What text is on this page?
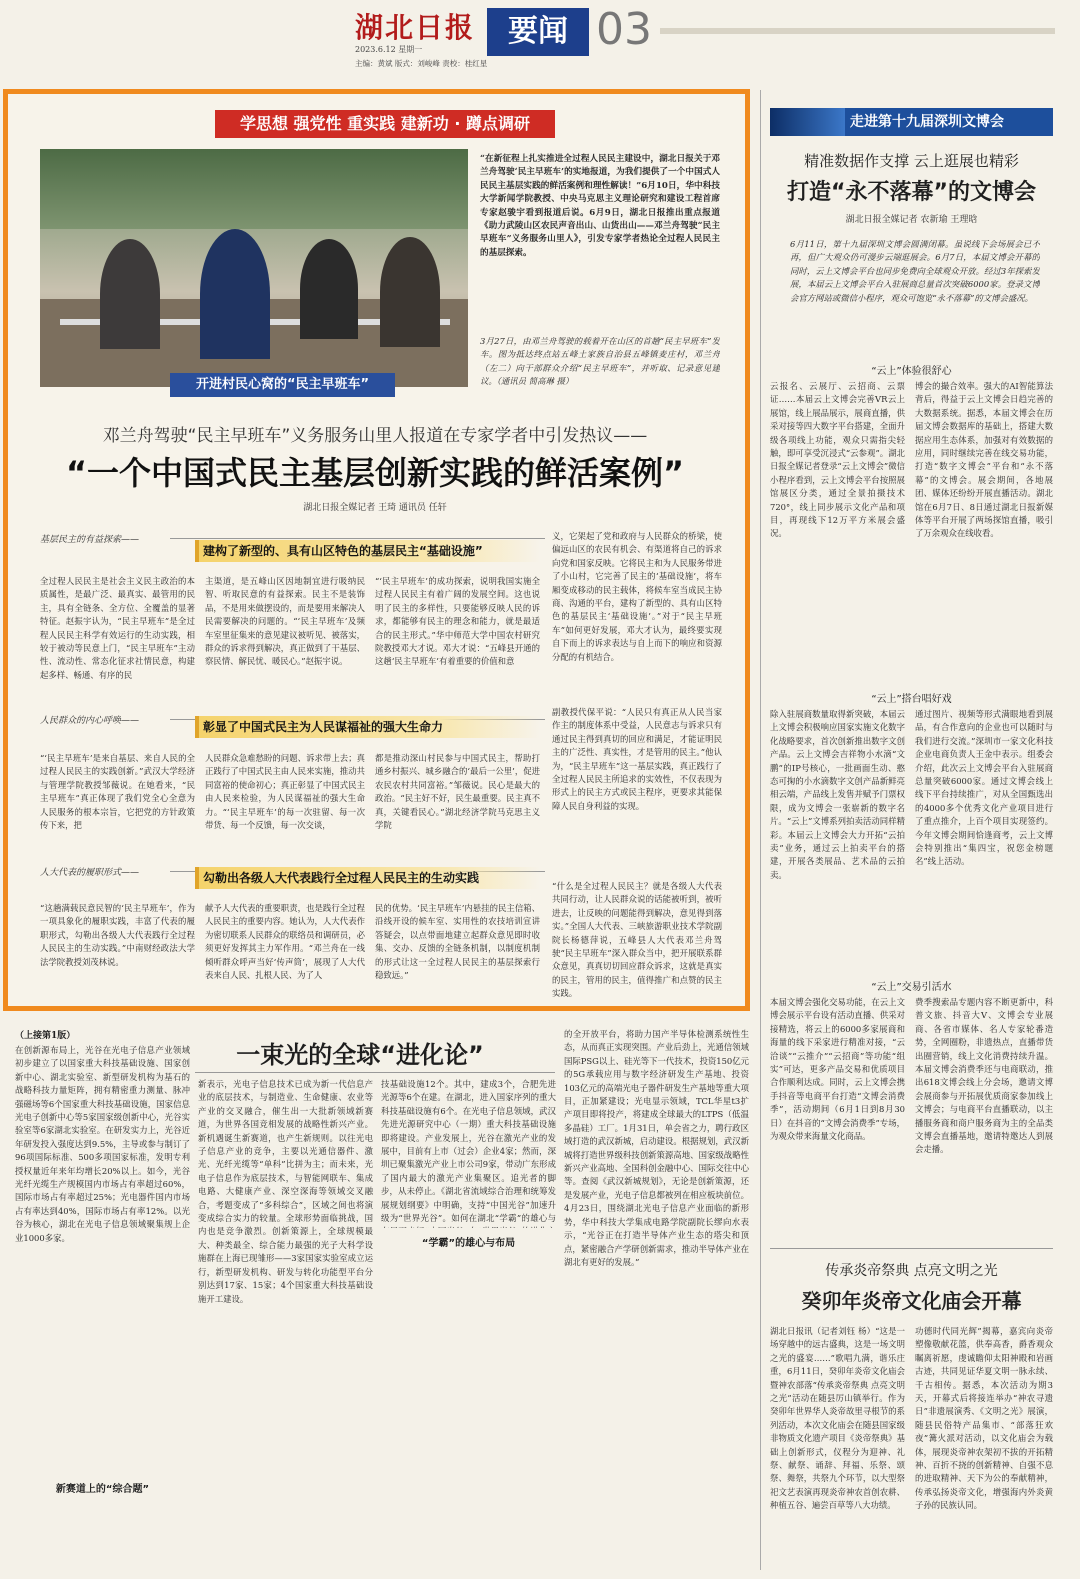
湖北日报
2023.6.12 星期一
主编：黄斌 版式：刘峻峰 责校：桂红星
要闻 03
学思想 强党性 重实践 建新功 · 蹲点调研
开进村民心窝的“民主早班车”
“在新征程上扎实推进全过程人民民主建设中，湖北日报关于邓兰舟驾驶‘民主早班车’的实地报道，为我们提供了一个中国式人民民主基层实践的鲜活案例和理性解读！”6月10日，华中科技大学新闻学院教授、中央马克思主义理论研究和建设工程首席专家赵骏宇看到报道后说。6月9日，湖北日报推出重点报道《助力武陵山区农民声音出山、山货出山——邓兰舟驾驶“民主早班车”义务服务山里人》，引发专家学者热论全过程人民民主的基层探索。
3月27日，由邓兰舟驾驶的载着开在山区的首趟“民主早班车”发车。图为抵达终点站五峰土家族自治县五峰镇麦庄村，邓兰舟（左二）向干部群众介绍“民主早班车”，并听取、记录意见建议。（通讯员 简高琳 摄）
邓兰舟驾驶“民主早班车”义务服务山里人报道在专家学者中引发热议——
“一个中国式民主基层创新实践的鲜活案例”
湖北日报全媒记者 王琦 通讯员 任轩
基层民主的有益探索——
建构了新型的、具有山区特色的基层民主“基础设施”
全过程人民民主是社会主义民主政治的本质属性，是最广泛、最真实、最管用的民主，具有全链条、全方位、全覆盖的显著特征。赵振宇认为，“民主早班车”是全过程人民民主科学有效运行的生动实践，相较于被动等民意上门，“民主早班车”主动性、流动性、常态化征求社情民意，构建起多样、畅通、有序的民
主渠道，是五峰山区因地制宜进行吸纳民智、听取民意的有益探索。民主不是装饰品，不是用来做摆设的，而是要用来解决人民需要解决的问题的。“‘民主早班车’及频车室里征集来的意见建议被听见、被落实，群众的诉求得到解决，真正做到了干基层、察民情、解民忧、暖民心。”赵振宇说。
“‘民主早班车’的成功探索，说明我国实施全过程人民民主有着广阔的发展空间。这也说明了民主的多样性，只要能够反映人民的诉求，都能够有民主的理念和能力，就是最适合的民主形式。”华中师范大学中国农村研究院教授邓大才说。邓大才说：“五峰县开通的这趟‘民主早班车’有着重要的价值和意
义，它架起了党和政府与人民群众的桥梁，使偏远山区的农民有机会、有渠道将自己的诉求向党和国家反映。它将民主和为人民服务带进了小山村，它完善了民主的‘基础设施’，将车厢变成移动的民主载体，将候车室当成民主协商、沟通的平台，建构了新型的、具有山区特色的基层民主‘基础设施’。”对于“民主早班车”如何更好发展，邓大才认为，最终要实现自下而上的诉求表达与自上而下的响应和资源分配的有机结合。
人民群众的内心呼唤——	彰显了中国式民主为人民谋福祉的强大生命力
“‘民主早班车’是来自基层、来自人民的全过程人民民主的实践创新。”武汉大学经济与管理学院教授邹薇说。在她看来，“民主早班车”真正体现了我们党全心全意为人民服务的根本宗旨，它把党的方针政策传下来，把
人民群众急难愁盼的问题、诉求带上去；真正践行了中国式民主由人民来实施，推动共同富裕的使命初心；真正彰显了中国式民主由人民来检验，为人民谋福祉的强大生命力。“‘民主早班车’的每一次驻留、每一次带货、每一个反馈，每一次交谈，
都是推动深山村民参与中国式民主，帮助打通乡村振兴、城乡融合的‘最后一公里’，促进农民农村共同富裕。”邹薇说。民心是最大的政治。“民主好不好，民生最重要。民主真不真，关键看民心。”湖北经济学院马克思主义学院
副教授代保平说：“人民只有真正从人民当家作主的制度体系中受益，人民意志与诉求只有通过民主得到真切的回应和满足，才能证明民主的广泛性、真实性，才是管用的民主。”他认为，“民主早班车”这一基层实践，真正践行了全过程人民民主所追求的实效性，不仅表现为形式上的民主方式或民主程序，更要求其能保障人民自身利益的实现。
人大代表的履职形式——	勾勒出各级人大代表践行全过程人民民主的生动实践
“这趟满载民意民智的‘民主早班车’，作为一项具象化的履职实践，丰富了代表的履职形式，勾勒出各级人大代表践行全过程人民民主的生动实践。”中南财经政法大学法学院教授刘茂林说。
献予人大代表的重要职责，也是践行全过程人民民主的重要内容。她认为，人大代表作为密切联系人民群众的联络员和调研员，必须更好发挥其主力军作用。“邓兰舟在一线倾听群众呼声当好‘传声筒’，展现了人大代表来自人民、扎根人民、为了人
民的优势。‘民主早班车’内悬挂的民主信箱、沿线开设的候车室、实用性的农技培训宣讲答疑会，以点带面地建立起群众意见即时收集、交办、反馈的全链条机制，以制度机制的形式让这一全过程人民民主的基层探索行稳致远。”
“什么是全过程人民民主？就是各级人大代表共同行动，让人民群众说的话能被听到，被听进去，让反映的问题能得到解决，意见得到落实。”全国人大代表、三峡旅游职业技术学院副院长杨德萍说，五峰县人大代表邓兰舟驾驶“民主早班车”深入群众当中，把开展联系群众意见，真真切切回应群众诉求，这就是真实的民主，管用的民主，值得推广和点赞的民主实践。
走进第十九届深圳文博会
精准数据作支撑 云上逛展也精彩
打造“永不落幕”的文博会
湖北日报全媒记者 农新瑜 王理晗
6月11日，第十九届深圳文博会圆满闭幕。虽说线下会场展会已不再，但广大观众仍可漫步云端逛展会。6月7日，本届文博会开幕的同时，云上文博会平台也同步免费向全球观众开放。经过3年探索发展，本届云上文博会平台入驻展商总量首次突破6000家。登录文博会官方网站或微信小程序，观众可饱览“永不落幕”的文博会盛况。
“云上”体验很舒心
云报名、云展厅、云招商、云票证……本届云上文博会完善VR云上展馆，线上展品展示，展商直播，供采对接等四大数字平台搭建，全面升级各项线上功能，观众只需指尖轻触，即可享受沉浸式“云参观”。湖北日报全媒记者登录“云上文博会”微信小程序看到，云上文博会平台按照展馆展区分类，通过全景拍摄技术720°，线上同步展示文化产品和项目，再现线下12万平方米展会盛况。
博会的撮合效率。强大的AI智能算法背后，得益于云上文博会日趋完善的大数据系统。据悉，本届文博会在历届文博会数据库的基础上，搭建大数据应用生态体系，加强对有效数据的应用，同时继续完善在线交易功能，打造“数字文博会”平台和“永不落幕”的文博会。展会期间，各地展团、媒体还纷纷开展直播活动。湖北馆在6月7日、8日通过湖北日报新媒体等平台开展了两场探馆直播，吸引了万余观众在线收看。
“云上”搭台唱好戏
除入驻展商数量取得新突破，本届云上文博会积极响应国家实施文化数字化战略要求，首次创新推出数字文创产品。云上文博会吉祥物小水滴“文鹏”的IP号核心，一批画面生动、憨态可掬的小水滴数字文创产品新鲜亮相云端，产品线上发售并赋予门票权限，成为文博会一张崭新的数字名片。“云上”文博系列拍卖活动同样精彩。本届云上文博会大力开拓“云拍卖”业务，通过云上拍卖平台的搭建，开展各类展品、艺术品的云拍卖。
通过图片、视频等形式满眼地看到展品，有合作意向的企业也可以随时与我们进行交流。”深圳市一家文化科技企业电商负责人王金中表示。组委会介绍，此次云上文博会平台入驻展商总量突破6000家。通过文博会线上线下平台持续推广，对从全国甄选出的4000多个优秀文化产业项目进行了重点推介，上百个项目实现签约。今年文博会期间恰逢商考，云上文博会特别推出“集四宝，祝您金榜题名”线上活动。
“云上”交易引活水
本届文博会强化交易功能，在云上文博会展示平台设有活动直播、供采对接精选，将云上的6000多家展商和海量的线下采家进行精准对接，“云洽谈”“云推介”“云招商”等功能“组实”可达，更多产品交易和优质项目合作顺利达成。同时，云上文博会携手抖音等电商平台打造“文博会消费季”，活动期间（6月1日到8月30日）在抖音的“文博会消费季”专场，为观众带来海量文化商品。
费季搜索品专题内容不断更新中，科普文旅、抖音大V、文博会专业展商、各省市媒体、名人专家轮番造势，全网圈粉，非遗热点，直播带货出圈营销，线上文化消费持续升温。本届文博会消费季还与电商联动，推出618文博会线上分会场，邀请文博会展商参与开拓展优质商家参加线上文博会；与电商平台直播联动，以主播服务商和商户服务商为主的全品类文博会直播基地，邀请特邀达人到展会走播。
传承炎帝祭典 点亮文明之光
癸卯年炎帝文化庙会开幕
湖北日报讯（记者刘钰 杨）“这是一场穿越中的远古盛典，这是一场文明之光的盛宴……”歌唱九满，谐乐庄重，6月11日，癸卯年炎帝文化庙会暨神农部落“传承炎帝祭典 点亮文明之光”活动在随县厉山镇举行。作为癸卯年世界华人炎帝故里寻根节的系列活动，本次文化庙会在随县国家级非物质文化遗产项目《炎帝祭典》基础上创新形式，仪程分为迎神、礼祭、献祭、诵辞、拜福、乐祭、颂祭、舞祭，共祭九个环节，以大型祭祀文艺表演再现炎帝神农首创农耕、种植五谷、遍尝百草等八大功绩。
功德时代同光辉”揭幕，嘉宾向炎帝塑像敬献花篮，供奉高香，爵香观众瞩离祈愿，虔诚瞻仰太阳神殿和岩画古迹，共同见证华夏文明一脉永续、千古相传。据悉，本次活动为期3天，开幕式后将接连举办“神农寻遗日”非遗展演秀、《文明之光》展演，随县民俗特产品集市、“部落狂欢夜”篝火派对活动，以文化庙会为载体，展现炎帝神农架初不拔的开拓精神、百折不挠的创新精神、自强不息的进取精神、天下为公的奉献精神，传承弘扬炎帝文化，增强海内外炎黄子孙的民族认同。
（上接第1版）
一束光的全球“进化论”
在创新源布局上，光谷在光电子信息产业领域初步建立了以国家重大科技基础设施、国家创新中心、湖北实验室、新型研发机构为基石的战略科技力量矩阵，拥有精密重力测量、脉冲强磁场等6个国家重大科技基础设施，国家信息光电子创新中心等5家国家级创新中心，光谷实验室等6家湖北实验室。在研发实力上，光谷近年研发投入强度达到9.5%，主导或参与制订了96项国际标准、500多项国家标准，发明专利授权量近年来年均增长20%以上。如今，光谷光纤光缆生产规模国内市场占有率超过60%，国际市场占有率超过25%；光电器件国内市场占有率达到40%，国际市场占有率12%。以光谷为核心，湖北在光电子信息领域聚集规上企业1000多家。
新赛道上的“综合题”
新表示，光电子信息技术已成为新一代信息产业的底层技术，与制造业、生命健康、农业等产业的交叉融合，催生出一大批新领域新赛道，为世界各国竞相发展的战略性新兴产业。新机遇诞生新赛道，也产生新规则。以往光电子信息产业的竞争，主要以光通信器件、激光、光纤光缆等“单科”比拼为主；而未来，光电子信息作为底层技术，与智能网联车、集成电路、大健康产业、深空深海等领域交叉融合，考题变成了“多科综合”，区域之间也将演变成综合实力的较量。全球形势面临挑战，国内也是竞争激烈。创新策源上，全球规模最大、种类最全、综合能力最强的光子大科学设施群在上海已现雏形——3家国家实验室成立运行，新型研发机构、研发与转化功能型平台分别达到17家、15家；4个国家重大科技基础设施开工建设。
技基础设施12个。其中，建成3个，合肥先进光源等6个在建。在湖北，进入国家序列的重大科技基础设施有6个。在光电子信息领域，武汉先进光源研究中心（一期）重大科技基础设施即将建设。产业发展上，光谷在激光产业的发展中，目前有上市（过会）企业4家；然而，深圳已聚集激光产业上市公司9家，带动广东形成了国内最大的激光产业集聚区。追光者的脚步，从未停止。《湖北省流域综合治理和统筹发展规划纲要》中明确，支持“中国光谷”加速升级为“世界光谷”。如何在湖北“学霸”的雄心与
“学霸”的雄心与布局
的全开放平台，将助力国产半导体检测系统性生态，从而真正实现突围。产业后劲上，光通信领域国际PSG以上、硅光等下一代技术，投资150亿元的5G承载应用与数字经济研发生产基地、投资103亿元的高端光电子器件研发生产基地等重大项目，正加紧建设；光电显示领域，TCL华星t3扩产项目即将投产，将建成全球最大的LTPS（低温多晶硅）工厂。1月31日，单会省之力，聘行政区域打造的武汉新城，启动建设。根据规划，武汉新城将打造世界级科技创新策源高地、国家级战略性新兴产业高地、全国科创金融中心、国际交往中心等。查阅《武汉新城规划》，无论是创新策源，还是发展产业，光电子信息都被列在相应板块前位。4月23日，围绕湖北光电子信息产业面临的新形势，华中科技大学集成电路学院副院长缪向水表示，“光谷正在打造半导体产业生态的塔尖和顶点，紧密融合产学研创新需求，推动半导体产业在湖北有更好的发展。”
